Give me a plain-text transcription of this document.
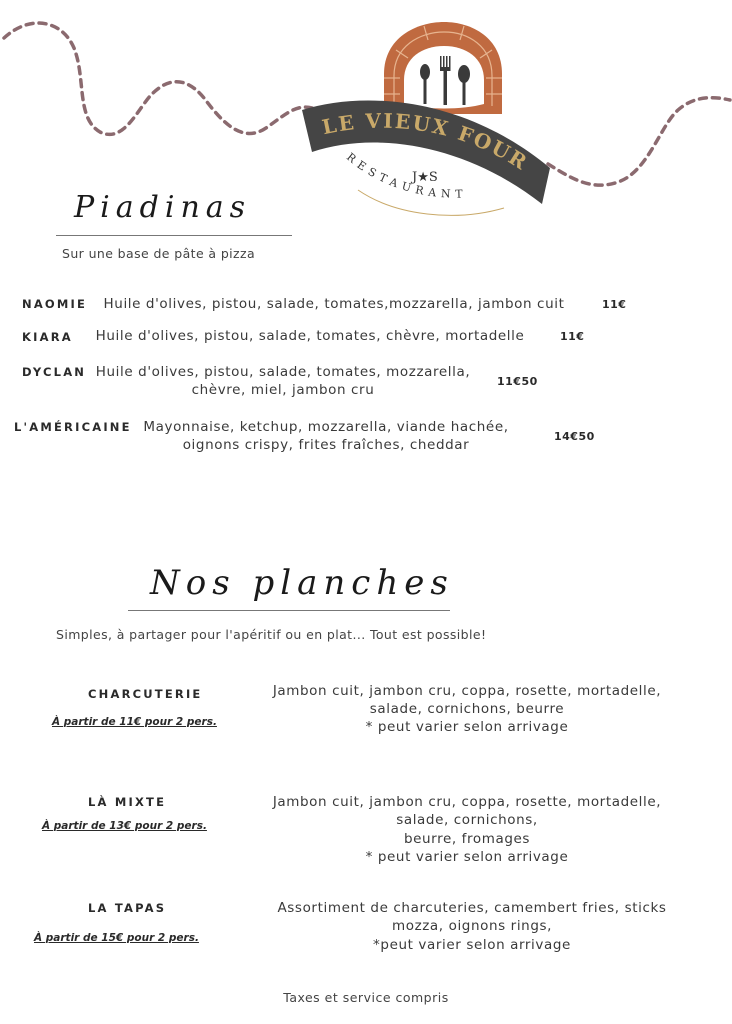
LE VIEUX FOUR
J★S
RESTAURANT
Piadinas
Sur une base de pâte à pizza
NAOMIE	Huile d'olives, pistou, salade, tomates,mozzarella, jambon cuit	11€
KIARA	Huile d'olives, pistou, salade, tomates, chèvre, mortadelle	11€
DYCLAN Huile d'olives, pistou, salade, tomates, mozzarella,
chèvre, miel, jambon cru
11€50
L'AMÉRICAINE Mayonnaise, ketchup, mozzarella, viande hachée,
oignons crispy, frites fraîches, cheddar
14€50
Nos planches
Simples, à partager pour l'apéritif ou en plat... Tout est possible!
CHARCUTERIE
À partir de 11€ pour 2 pers.
Jambon cuit, jambon cru, coppa, rosette, mortadelle,
salade, cornichons, beurre
* peut varier selon arrivage
LÀ MIXTE
À partir de 13€ pour 2 pers.
Jambon cuit, jambon cru, coppa, rosette, mortadelle,
salade, cornichons,
beurre, fromages
* peut varier selon arrivage
LA TAPAS
À partir de 15€ pour 2 pers.
Assortiment de charcuteries, camembert fries, sticks
mozza, oignons rings,
*peut varier selon arrivage
Taxes et service compris
